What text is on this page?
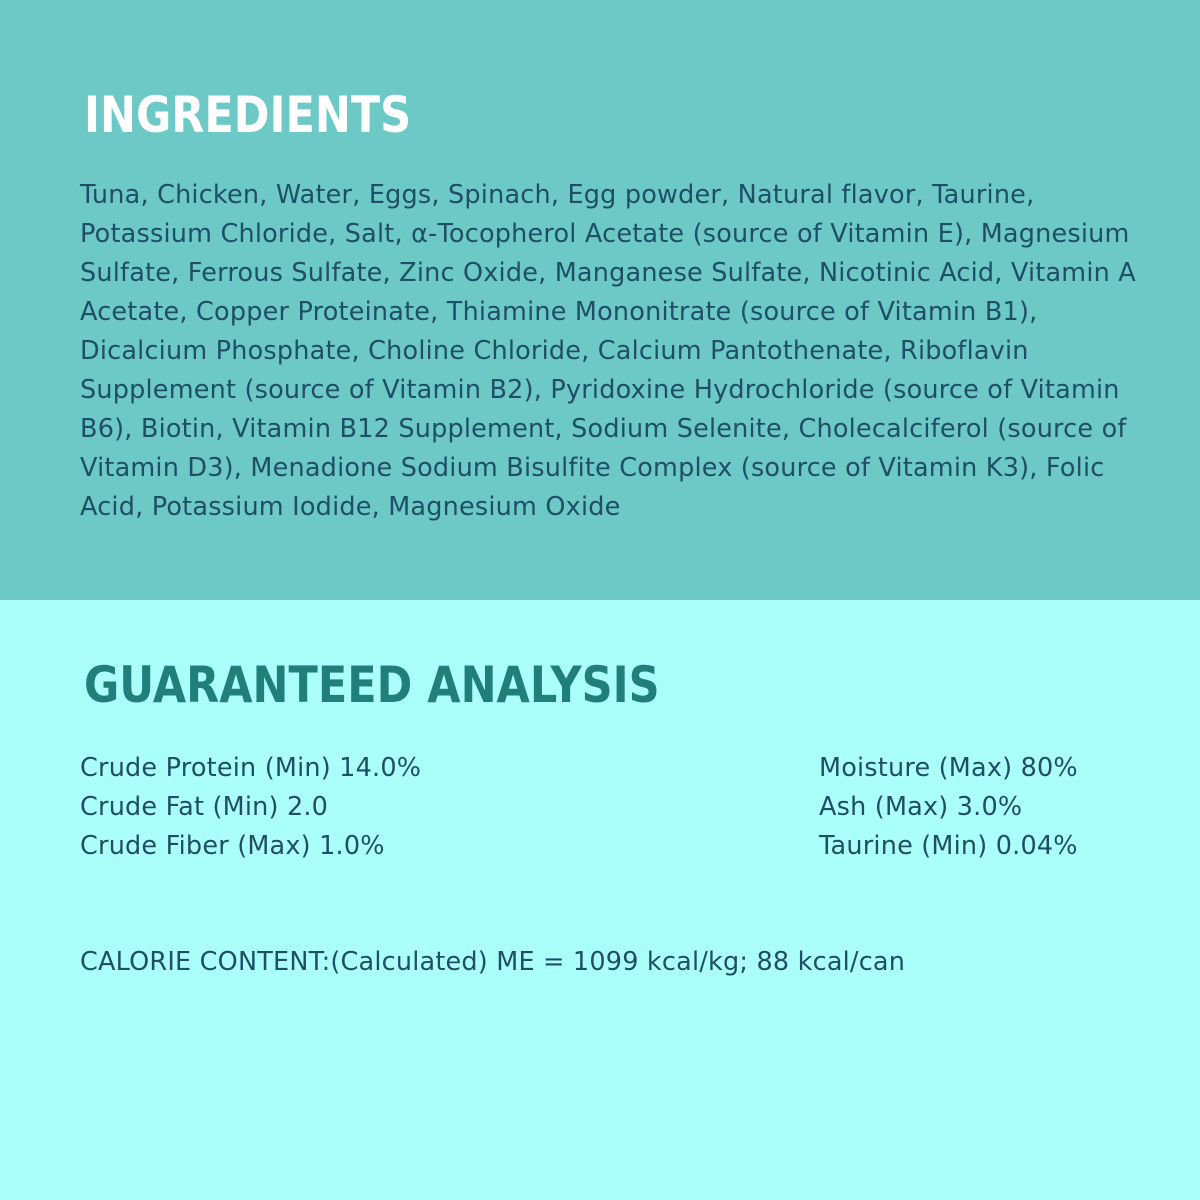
INGREDIENTS

Tuna, Chicken, Water, Eggs, Spinach, Egg powder, Natural flavor, Taurine, Potassium Chloride, Salt, α-Tocopherol Acetate (source of Vitamin E), Magnesium Sulfate, Ferrous Sulfate, Zinc Oxide, Manganese Sulfate, Nicotinic Acid, Vitamin A Acetate, Copper Proteinate, Thiamine Mononitrate (source of Vitamin B1), Dicalcium Phosphate, Choline Chloride, Calcium Pantothenate, Riboflavin Supplement (source of Vitamin B2), Pyridoxine Hydrochloride (source of Vitamin B6), Biotin, Vitamin B12 Supplement, Sodium Selenite, Cholecalciferol (source of Vitamin D3), Menadione Sodium Bisulfite Complex (source of Vitamin K3), Folic Acid, Potassium Iodide, Magnesium Oxide

GUARANTEED ANALYSIS
Crude Protein (Min) 14.0%
Crude Fat (Min) 2.0
Crude Fiber (Max) 1.0%
Moisture (Max) 80%
Ash (Max) 3.0%
Taurine (Min) 0.04%

CALORIE CONTENT:(Calculated) ME = 1099 kcal/kg; 88 kcal/can
